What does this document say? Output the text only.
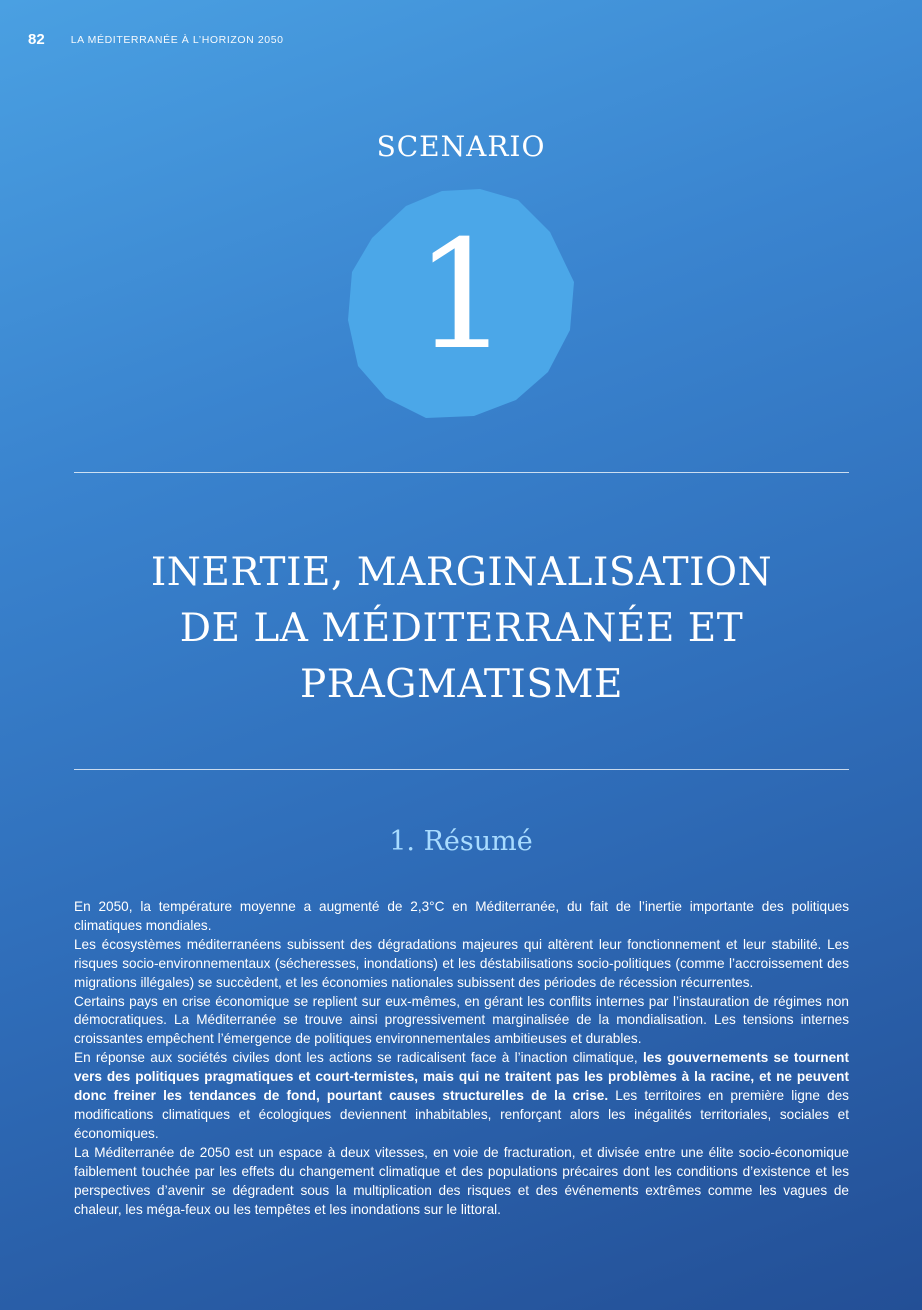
82 LA MÉDITERRANÉE À L’HORIZON 2050
SCENARIO
1
INERTIE, MARGINALISATION
DE LA MÉDITERRANÉE ET
PRAGMATISME
1. Résumé

En 2050, la température moyenne a augmenté de 2,3°C en Méditerranée, du fait de l’inertie importante des politiques climatiques mondiales.

Les écosystèmes méditerranéens subissent des dégradations majeures qui altèrent leur fonctionnement et leur stabilité. Les risques socio-environnementaux (sécheresses, inondations) et les déstabilisations socio-politiques (comme l’accroissement des migrations illégales) se succèdent, et les économies nationales subissent des périodes de récession récurrentes.

Certains pays en crise économique se replient sur eux-mêmes, en gérant les conflits internes par l’instauration de régimes non démocratiques. La Méditerranée se trouve ainsi progressivement marginalisée de la mondialisation. Les tensions internes croissantes empêchent l’émergence de politiques environnementales ambitieuses et durables.

En réponse aux sociétés civiles dont les actions se radicalisent face à l’inaction climatique, les gouvernements se tournent vers des politiques pragmatiques et court-termistes, mais qui ne traitent pas les problèmes à la racine, et ne peuvent donc freiner les tendances de fond, pourtant causes structurelles de la crise. Les territoires en première ligne des modifications climatiques et écologiques deviennent inhabitables, renforçant alors les inégalités territoriales, sociales et économiques.

La Méditerranée de 2050 est un espace à deux vitesses, en voie de fracturation, et divisée entre une élite socio-économique faiblement touchée par les effets du changement climatique et des populations précaires dont les conditions d’existence et les perspectives d’avenir se dégradent sous la multiplication des risques et des événements extrêmes comme les vagues de chaleur, les méga-feux ou les tempêtes et les inondations sur le littoral.
